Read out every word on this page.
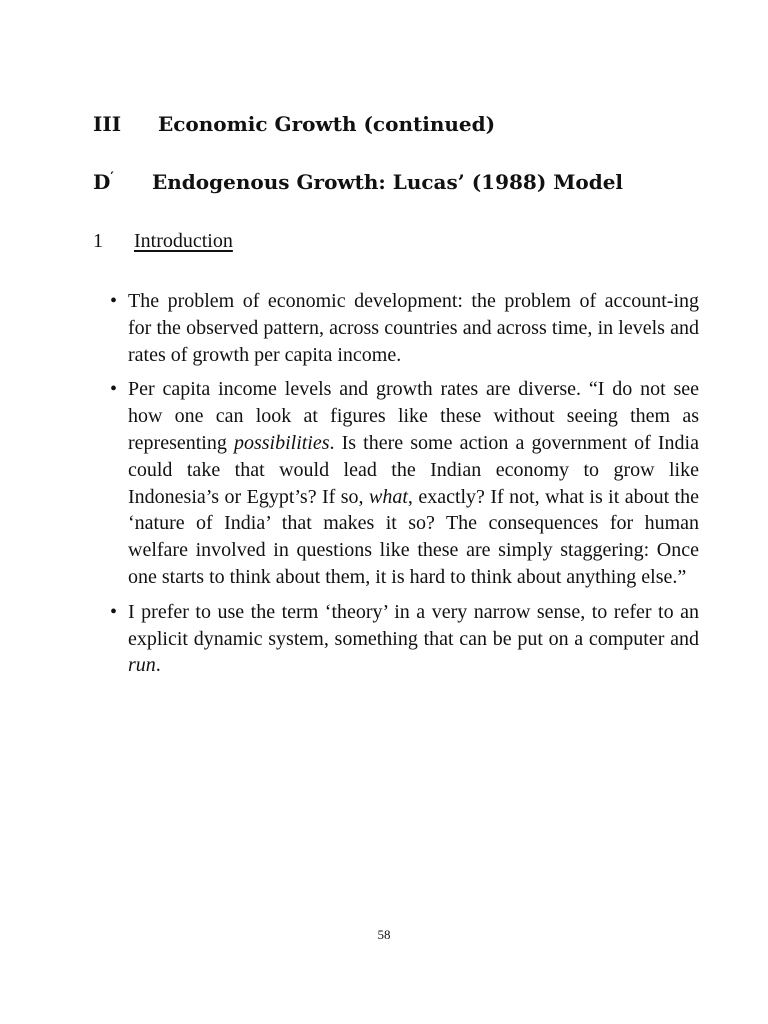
III Economic Growth (continued)
D′ Endogenous Growth: Lucas’ (1988) Model
1 Introduction
• The problem of economic development: the problem of account-ing for the observed pattern, across countries and across time, in levels and rates of growth per capita income.
• Per capita income levels and growth rates are diverse. “I do not see how one can look at figures like these without seeing them as representing possibilities. Is there some action a government of India could take that would lead the Indian economy to grow like Indonesia’s or Egypt’s? If so, what, exactly? If not, what is it about the ‘nature of India’ that makes it so? The consequences for human welfare involved in questions like these are simply staggering: Once one starts to think about them, it is hard to think about anything else.”
• I prefer to use the term ‘theory’ in a very narrow sense, to refer to an explicit dynamic system, something that can be put on a computer and run.
58
